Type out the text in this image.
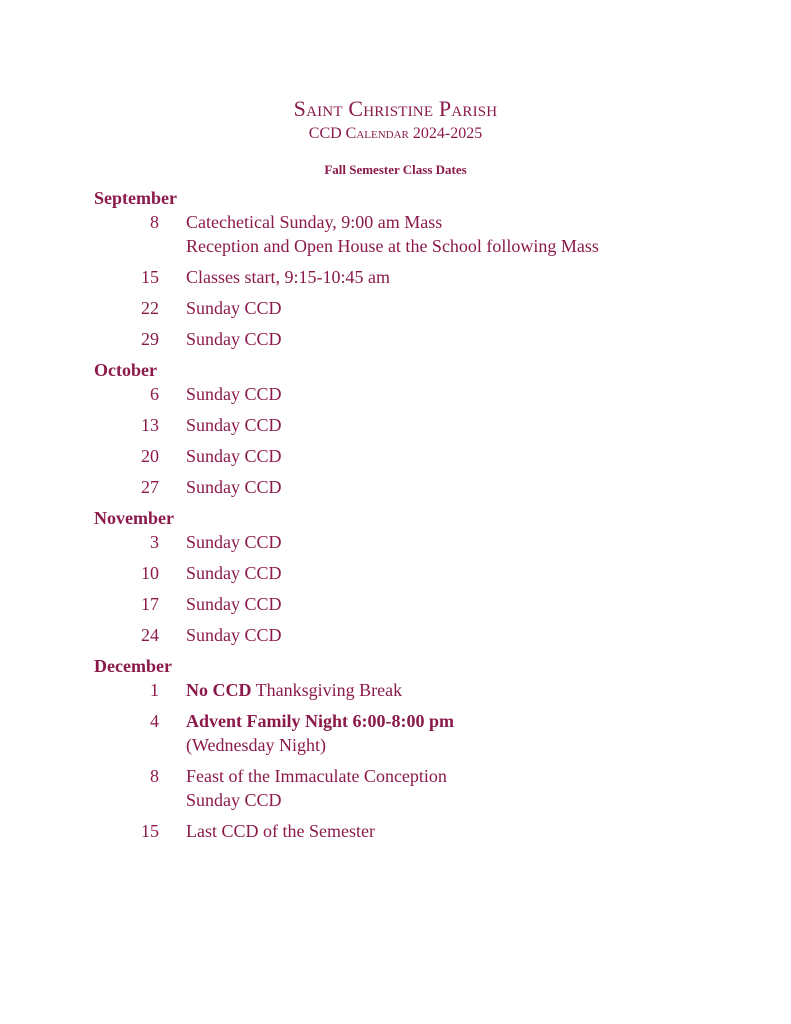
Saint Christine Parish
CCD Calendar 2024-2025
Fall Semester Class Dates
September
8 Catechetical Sunday, 9:00 am Mass
Reception and Open House at the School following Mass
15 Classes start, 9:15-10:45 am
22 Sunday CCD
29 Sunday CCD
October
6 Sunday CCD
13 Sunday CCD
20 Sunday CCD
27 Sunday CCD
November
3 Sunday CCD
10 Sunday CCD
17 Sunday CCD
24 Sunday CCD
December
1 No CCD Thanksgiving Break
4 Advent Family Night 6:00-8:00 pm
(Wednesday Night)
8 Feast of the Immaculate Conception
Sunday CCD
15 Last CCD of the Semester
